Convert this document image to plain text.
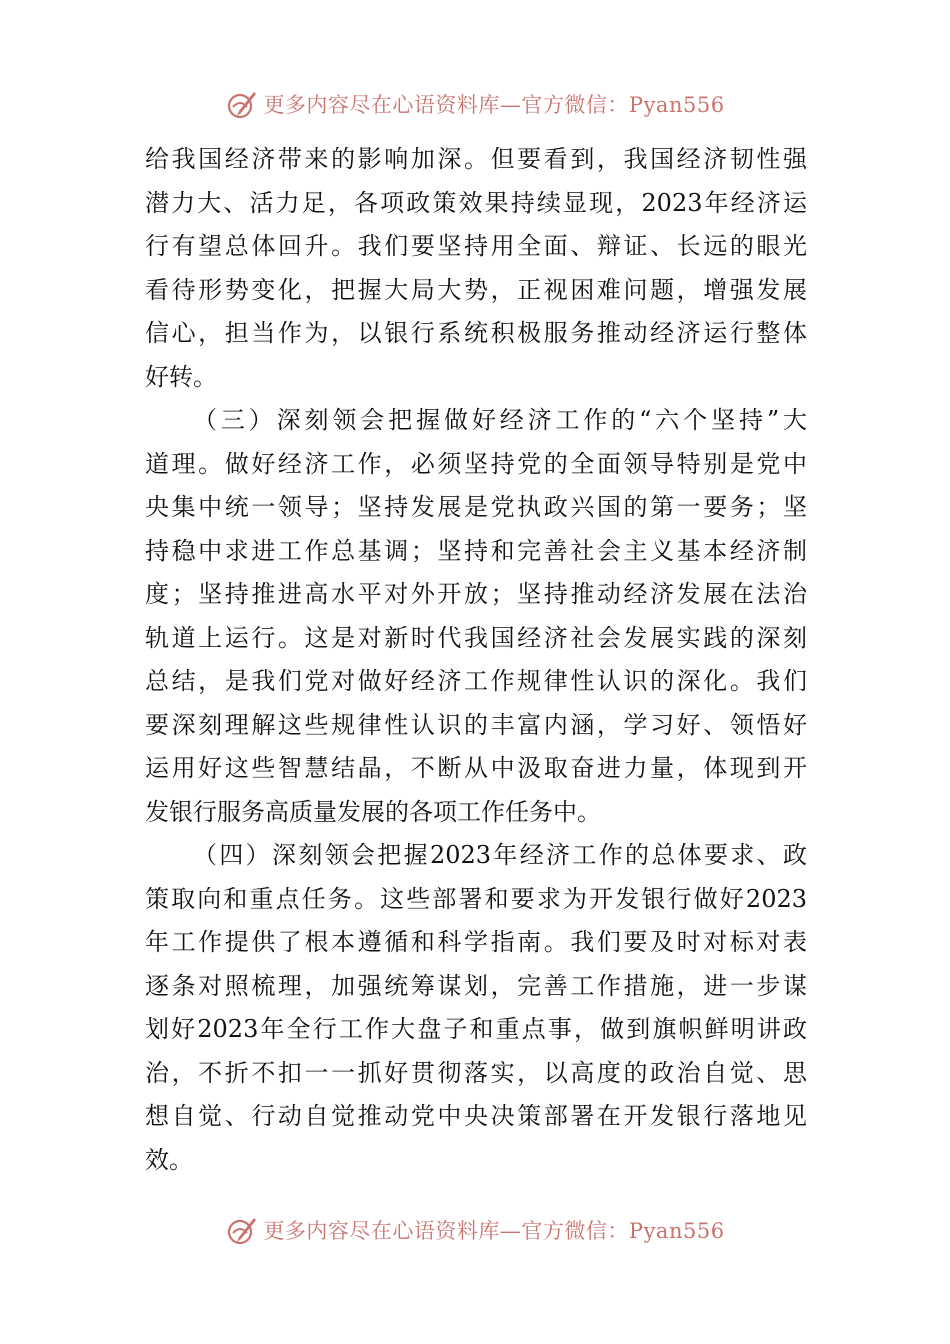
更多内容尽在心语资料库—官方微信：Pyan556
给我国经济带来的影响加深。但要看到，我国经济韧性强
潜力大、活力足，各项政策效果持续显现，2023年经济运
行有望总体回升。我们要坚持用全面、辩证、长远的眼光
看待形势变化，把握大局大势，正视困难问题，增强发展
信心，担当作为，以银行系统积极服务推动经济运行整体
好转。
（三）深刻领会把握做好经济工作的“六个坚持”大
道理。做好经济工作，必须坚持党的全面领导特别是党中
央集中统一领导；坚持发展是党执政兴国的第一要务；坚
持稳中求进工作总基调；坚持和完善社会主义基本经济制
度；坚持推进高水平对外开放；坚持推动经济发展在法治
轨道上运行。这是对新时代我国经济社会发展实践的深刻
总结，是我们党对做好经济工作规律性认识的深化。我们
要深刻理解这些规律性认识的丰富内涵，学习好、领悟好
运用好这些智慧结晶，不断从中汲取奋进力量，体现到开
发银行服务高质量发展的各项工作任务中。
（四）深刻领会把握2023年经济工作的总体要求、政
策取向和重点任务。这些部署和要求为开发银行做好2023
年工作提供了根本遵循和科学指南。我们要及时对标对表
逐条对照梳理，加强统筹谋划，完善工作措施，进一步谋
划好2023年全行工作大盘子和重点事，做到旗帜鲜明讲政
治，不折不扣一一抓好贯彻落实，以高度的政治自觉、思
想自觉、行动自觉推动党中央决策部署在开发银行落地见
效。
更多内容尽在心语资料库—官方微信：Pyan556
